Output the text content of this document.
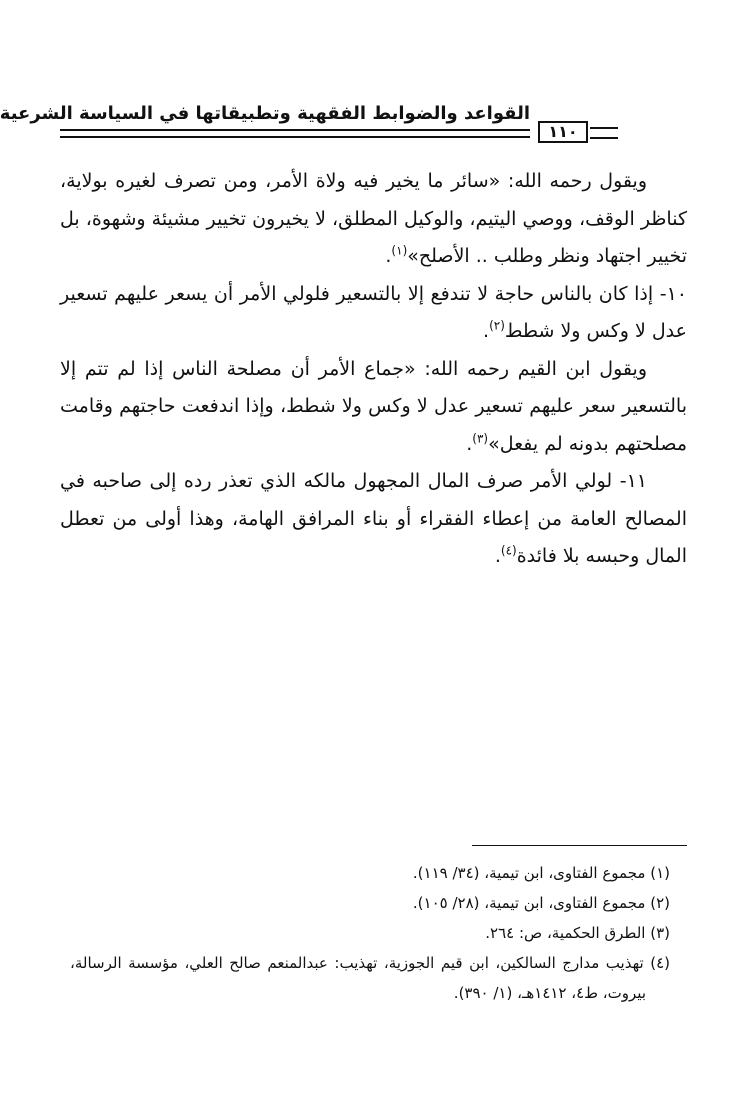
القواعد والضوابط الفقهية وتطبيقاتها في السياسة الشرعية
١١٠

ويقول رحمه الله: «سائر ما يخير فيه ولاة الأمر، ومن تصرف لغيره بولاية، كناظر الوقف، ووصي اليتيم، والوكيل المطلق، لا يخيرون تخيير مشيئة وشهوة، بل تخيير اجتهاد ونظر وطلب .. الأصلح»$^{(١)}$.

١٠- إذا كان بالناس حاجة لا تندفع إلا بالتسعير فلولي الأمر أن يسعر عليهم تسعير عدل لا وكس ولا شطط$^{(٢)}$.

ويقول ابن القيم رحمه الله: «جماع الأمر أن مصلحة الناس إذا لم تتم إلا بالتسعير سعر عليهم تسعير عدل لا وكس ولا شطط، وإذا اندفعت حاجتهم وقامت مصلحتهم بدونه لم يفعل»$^{(٣)}$.

١١- لولي الأمر صرف المال المجهول مالكه الذي تعذر رده إلى صاحبه في المصالح العامة من إعطاء الفقراء أو بناء المرافق الهامة، وهذا أولى من تعطل المال وحبسه بلا فائدة$^{(٤)}$.

(١) مجموع الفتاوى، ابن تيمية، (٣٤/ ١١٩).

(٢) مجموع الفتاوى، ابن تيمية، (٢٨/ ١٠٥).

(٣) الطرق الحكمية، ص: ٢٦٤.

(٤) تهذيب مدارج السالكين، ابن قيم الجوزية، تهذيب: عبدالمنعم صالح العلي، مؤسسة الرسالة، بيروت، ط٤، ١٤١٢هـ، (١/ ٣٩٠).
